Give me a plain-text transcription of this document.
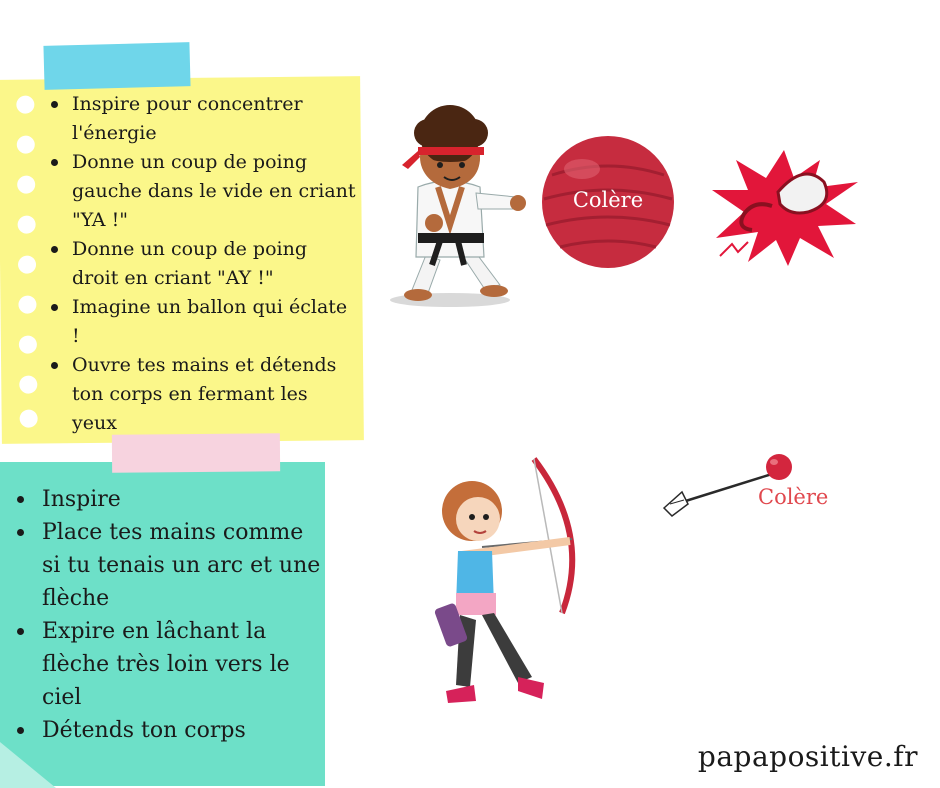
Inspire pour concentrer l'énergie
Donne un coup de poing gauche dans le vide en criant "YA !"
Donne un coup de poing droit en criant "AY !"
Imagine un ballon qui éclate !
Ouvre tes mains et détends ton corps en fermant les yeux
Colère
Inspire
Place tes mains comme si tu tenais un arc et une flèche
Expire en lâchant la flèche très loin vers le ciel
Détends ton corps
Colère
papapositive.fr
